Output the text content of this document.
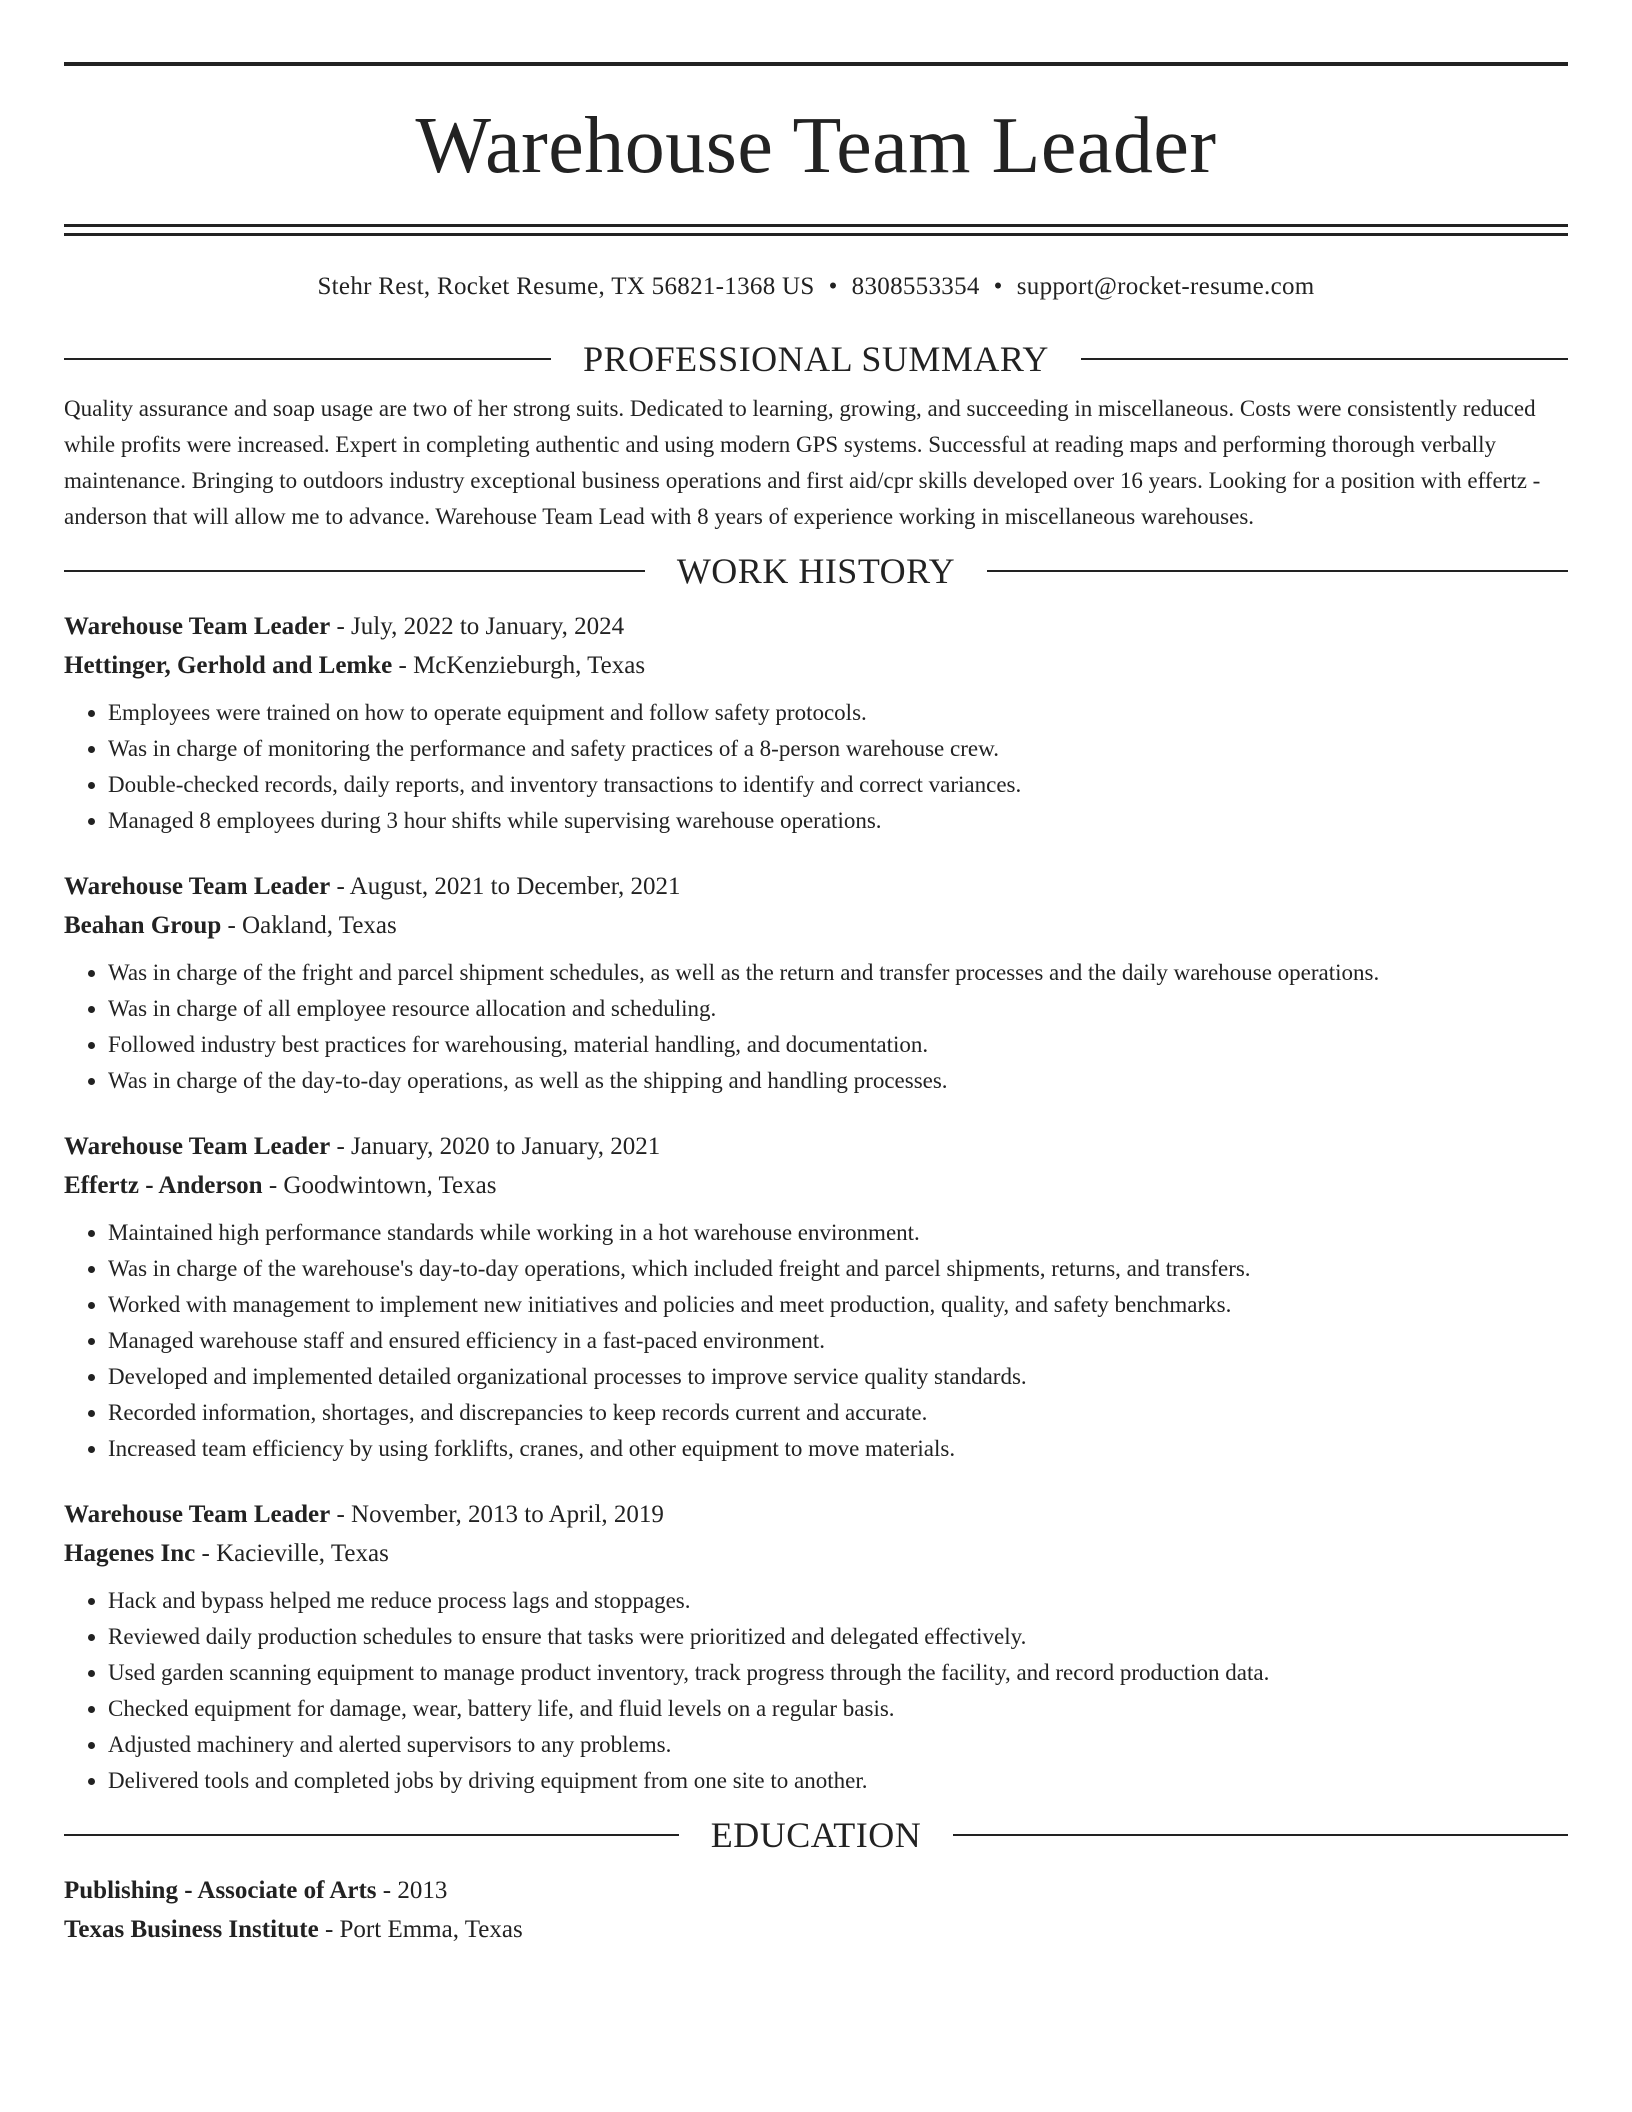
Warehouse Team Leader
Stehr Rest, Rocket Resume, TX 56821-1368 US • 8308553354 • support@rocket-resume.com
PROFESSIONAL SUMMARY

Quality assurance and soap usage are two of her strong suits. Dedicated to learning, growing, and succeeding in miscellaneous. Costs were consistently reduced while profits were increased. Expert in completing authentic and using modern GPS systems. Successful at reading maps and performing thorough verbally maintenance. Bringing to outdoors industry exceptional business operations and first aid/cpr skills developed over 16 years. Looking for a position with effertz - anderson that will allow me to advance. Warehouse Team Lead with 8 years of experience working in miscellaneous warehouses.

WORK HISTORY
Warehouse Team Leader - July, 2022 to January, 2024
Hettinger, Gerhold and Lemke - McKenzieburgh, Texas
• Employees were trained on how to operate equipment and follow safety protocols.
• Was in charge of monitoring the performance and safety practices of a 8-person warehouse crew.
• Double-checked records, daily reports, and inventory transactions to identify and correct variances.
• Managed 8 employees during 3 hour shifts while supervising warehouse operations.
Warehouse Team Leader - August, 2021 to December, 2021
Beahan Group - Oakland, Texas
• Was in charge of the fright and parcel shipment schedules, as well as the return and transfer processes and the daily warehouse operations.
• Was in charge of all employee resource allocation and scheduling.
• Followed industry best practices for warehousing, material handling, and documentation.
• Was in charge of the day-to-day operations, as well as the shipping and handling processes.
Warehouse Team Leader - January, 2020 to January, 2021
Effertz - Anderson - Goodwintown, Texas
• Maintained high performance standards while working in a hot warehouse environment.
• Was in charge of the warehouse's day-to-day operations, which included freight and parcel shipments, returns, and transfers.
• Worked with management to implement new initiatives and policies and meet production, quality, and safety benchmarks.
• Managed warehouse staff and ensured efficiency in a fast-paced environment.
• Developed and implemented detailed organizational processes to improve service quality standards.
• Recorded information, shortages, and discrepancies to keep records current and accurate.
• Increased team efficiency by using forklifts, cranes, and other equipment to move materials.
Warehouse Team Leader - November, 2013 to April, 2019
Hagenes Inc - Kacieville, Texas
• Hack and bypass helped me reduce process lags and stoppages.
• Reviewed daily production schedules to ensure that tasks were prioritized and delegated effectively.
• Used garden scanning equipment to manage product inventory, track progress through the facility, and record production data.
• Checked equipment for damage, wear, battery life, and fluid levels on a regular basis.
• Adjusted machinery and alerted supervisors to any problems.
• Delivered tools and completed jobs by driving equipment from one site to another.
EDUCATION
Publishing - Associate of Arts - 2013
Texas Business Institute - Port Emma, Texas
